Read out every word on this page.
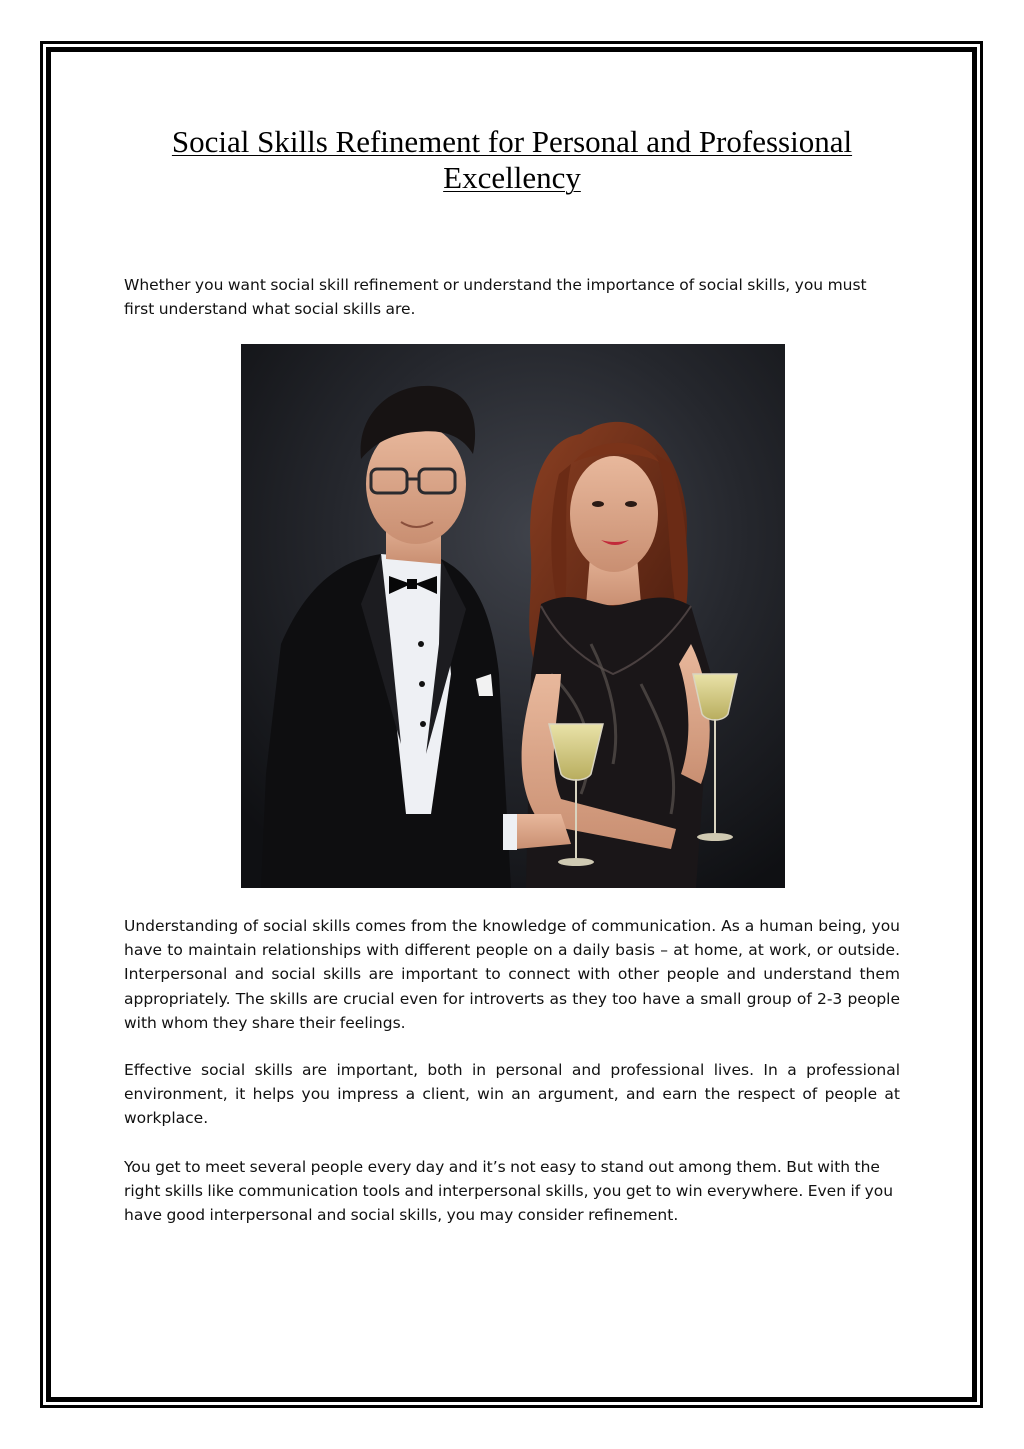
Social Skills Refinement for Personal and Professional Excellency

Whether you want social skill refinement or understand the importance of social skills, you must first understand what social skills are.

Understanding of social skills comes from the knowledge of communication. As a human being, you have to maintain relationships with different people on a daily basis – at home, at work, or outside. Interpersonal and social skills are important to connect with other people and understand them appropriately. The skills are crucial even for introverts as they too have a small group of 2-3 people with whom they share their feelings.

Effective social skills are important, both in personal and professional lives. In a professional environment, it helps you impress a client, win an argument, and earn the respect of people at workplace.

You get to meet several people every day and it’s not easy to stand out among them. But with the right skills like communication tools and interpersonal skills, you get to win everywhere. Even if you have good interpersonal and social skills, you may consider refinement.
